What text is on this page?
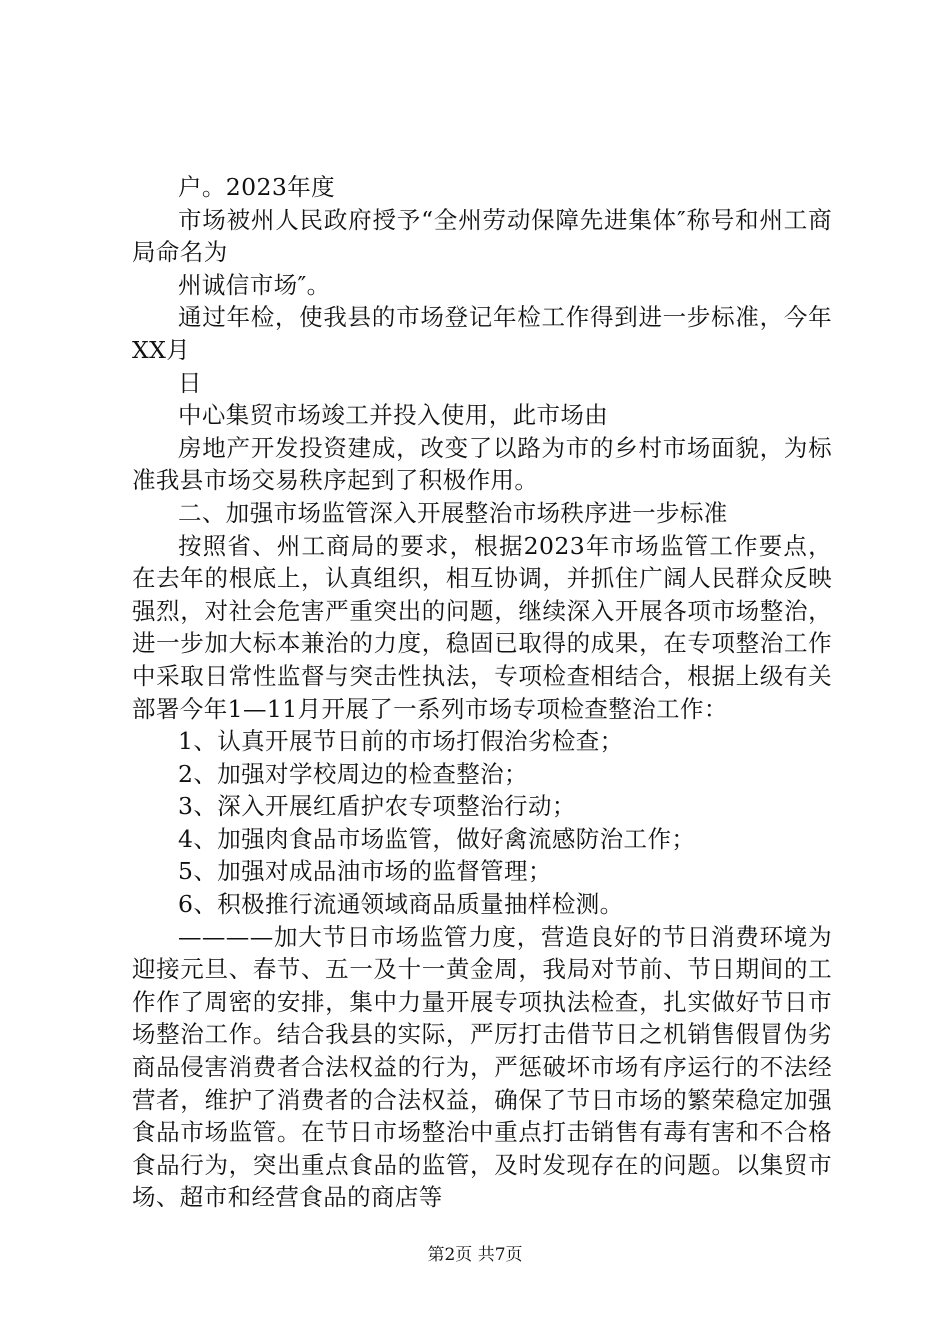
户。2023年度

市场被州人民政府授予“全州劳动保障先进集体″称号和州工商局命名为

州诚信市场″。

通过年检，使我县的市场登记年检工作得到进一步标准，今年XX月

日

中心集贸市场竣工并投入使用，此市场由

房地产开发投资建成，改变了以路为市的乡村市场面貌，为标准我县市场交易秩序起到了积极作用。

二、加强市场监管深入开展整治市场秩序进一步标准

按照省、州工商局的要求，根据2023年市场监管工作要点，在去年的根底上，认真组织，相互协调，并抓住广阔人民群众反映强烈，对社会危害严重突出的问题，继续深入开展各项市场整治，进一步加大标本兼治的力度，稳固已取得的成果，在专项整治工作中采取日常性监督与突击性执法，专项检查相结合，根据上级有关部署今年1—11月开展了一系列市场专项检查整治工作：

1、认真开展节日前的市场打假治劣检查；

2、加强对学校周边的检查整治；

3、深入开展红盾护农专项整治行动；

4、加强肉食品市场监管，做好禽流感防治工作；

5、加强对成品油市场的监督管理；

6、积极推行流通领域商品质量抽样检测。

————加大节日市场监管力度，营造良好的节日消费环境为迎接元旦、春节、五一及十一黄金周，我局对节前、节日期间的工作作了周密的安排，集中力量开展专项执法检查，扎实做好节日市场整治工作。结合我县的实际，严厉打击借节日之机销售假冒伪劣商品侵害消费者合法权益的行为，严惩破坏市场有序运行的不法经营者，维护了消费者的合法权益，确保了节日市场的繁荣稳定加强食品市场监管。在节日市场整治中重点打击销售有毒有害和不合格食品行为，突出重点食品的监管，及时发现存在的问题。以集贸市场、超市和经营食品的商店等

第2页 共7页
